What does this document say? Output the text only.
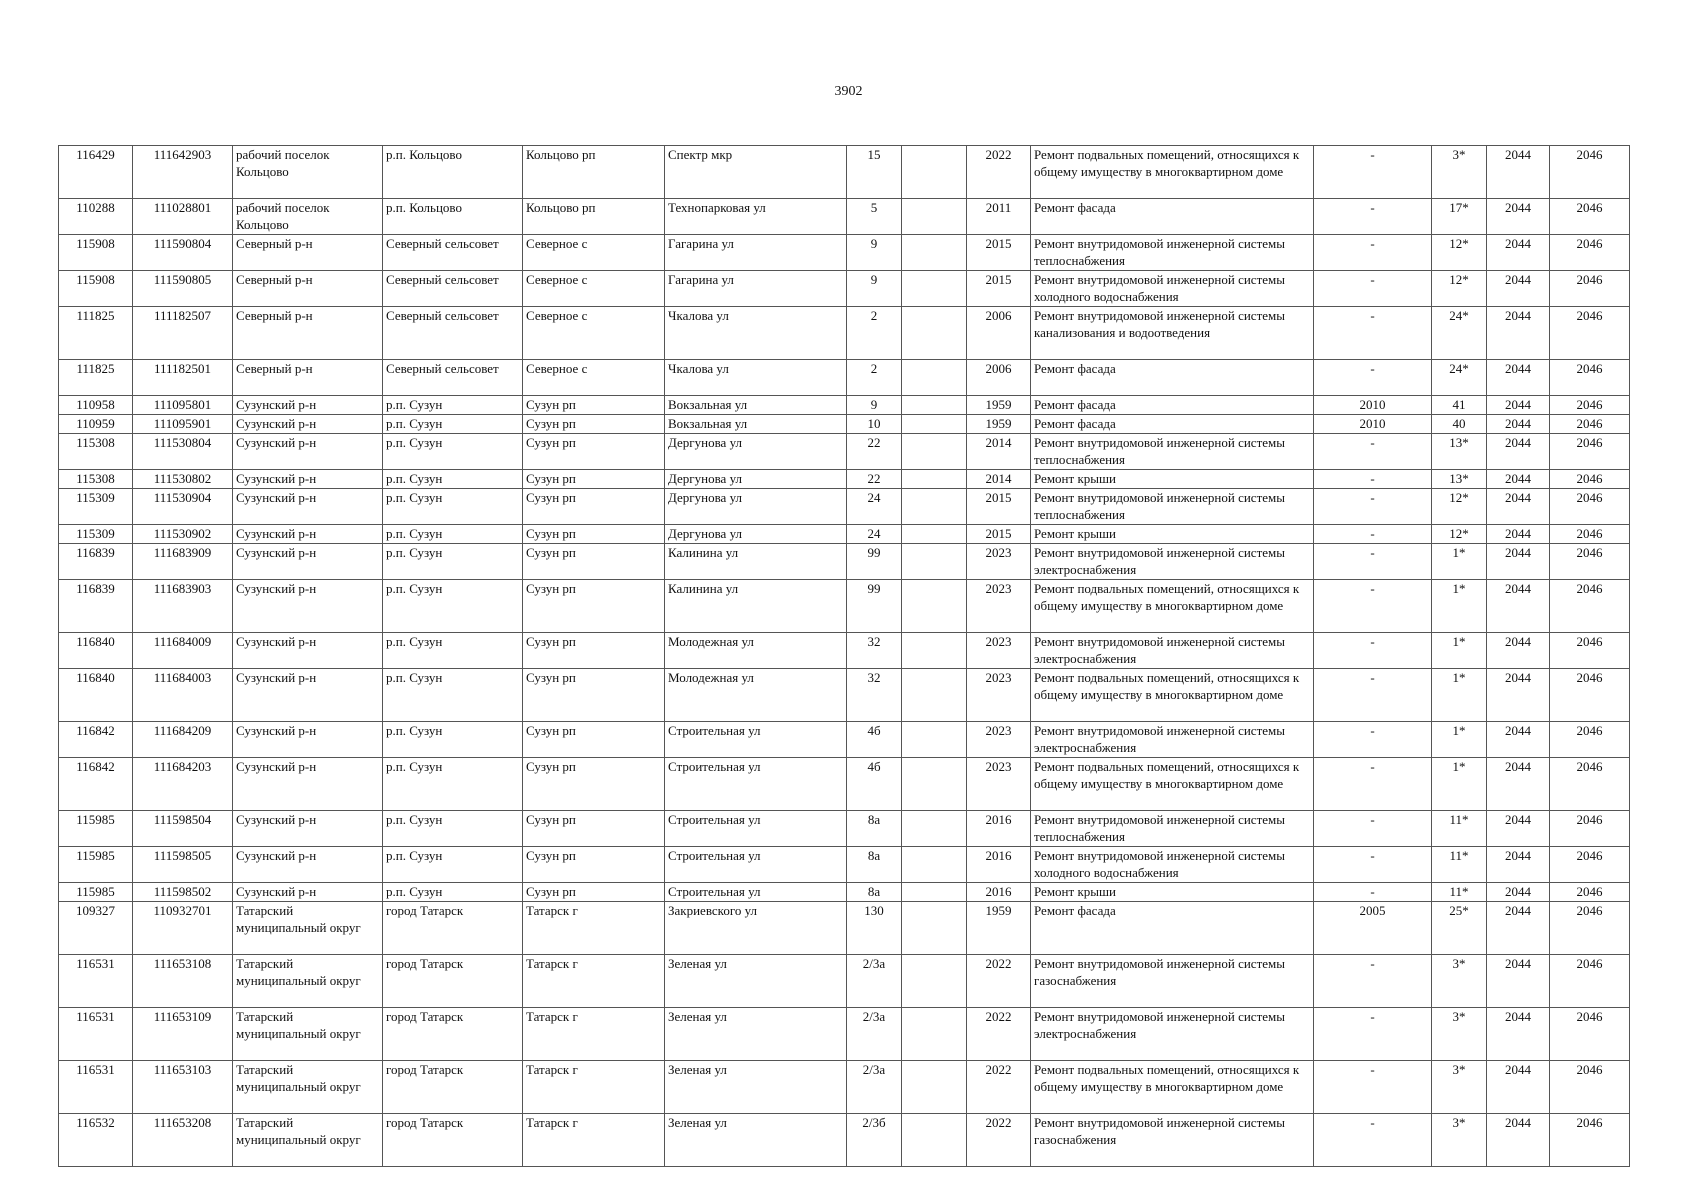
3902
116429	111642903	рабочий поселок Кольцово	р.п. Кольцово	Кольцово рп	Спектр мкр	15		2022	Ремонт подвальных помещений, относящихся к общему имуществу в многоквартирном доме	-	3*	2044	2046
110288	111028801	рабочий поселок Кольцово	р.п. Кольцово	Кольцово рп	Технопарковая ул	5		2011	Ремонт фасада	-	17*	2044	2046
115908	111590804	Северный р-н	Северный сельсовет	Северное с	Гагарина ул	9		2015	Ремонт внутридомовой инженерной системы теплоснабжения	-	12*	2044	2046
115908	111590805	Северный р-н	Северный сельсовет	Северное с	Гагарина ул	9		2015	Ремонт внутридомовой инженерной системы холодного водоснабжения	-	12*	2044	2046
111825	111182507	Северный р-н	Северный сельсовет	Северное с	Чкалова ул	2		2006	Ремонт внутридомовой инженерной системы канализования и водоотведения	-	24*	2044	2046
111825	111182501	Северный р-н	Северный сельсовет	Северное с	Чкалова ул	2		2006	Ремонт фасада	-	24*	2044	2046
110958	111095801	Сузунский р-н	р.п. Сузун	Сузун рп	Вокзальная ул	9		1959	Ремонт фасада	2010	41	2044	2046
110959	111095901	Сузунский р-н	р.п. Сузун	Сузун рп	Вокзальная ул	10		1959	Ремонт фасада	2010	40	2044	2046
115308	111530804	Сузунский р-н	р.п. Сузун	Сузун рп	Дергунова ул	22		2014	Ремонт внутридомовой инженерной системы теплоснабжения	-	13*	2044	2046
115308	111530802	Сузунский р-н	р.п. Сузун	Сузун рп	Дергунова ул	22		2014	Ремонт крыши	-	13*	2044	2046
115309	111530904	Сузунский р-н	р.п. Сузун	Сузун рп	Дергунова ул	24		2015	Ремонт внутридомовой инженерной системы теплоснабжения	-	12*	2044	2046
115309	111530902	Сузунский р-н	р.п. Сузун	Сузун рп	Дергунова ул	24		2015	Ремонт крыши	-	12*	2044	2046
116839	111683909	Сузунский р-н	р.п. Сузун	Сузун рп	Калинина ул	99		2023	Ремонт внутридомовой инженерной системы электроснабжения	-	1*	2044	2046
116839	111683903	Сузунский р-н	р.п. Сузун	Сузун рп	Калинина ул	99		2023	Ремонт подвальных помещений, относящихся к общему имуществу в многоквартирном доме	-	1*	2044	2046
116840	111684009	Сузунский р-н	р.п. Сузун	Сузун рп	Молодежная ул	32		2023	Ремонт внутридомовой инженерной системы электроснабжения	-	1*	2044	2046
116840	111684003	Сузунский р-н	р.п. Сузун	Сузун рп	Молодежная ул	32		2023	Ремонт подвальных помещений, относящихся к общему имуществу в многоквартирном доме	-	1*	2044	2046
116842	111684209	Сузунский р-н	р.п. Сузун	Сузун рп	Строительная ул	4б		2023	Ремонт внутридомовой инженерной системы электроснабжения	-	1*	2044	2046
116842	111684203	Сузунский р-н	р.п. Сузун	Сузун рп	Строительная ул	4б		2023	Ремонт подвальных помещений, относящихся к общему имуществу в многоквартирном доме	-	1*	2044	2046
115985	111598504	Сузунский р-н	р.п. Сузун	Сузун рп	Строительная ул	8а		2016	Ремонт внутридомовой инженерной системы теплоснабжения	-	11*	2044	2046
115985	111598505	Сузунский р-н	р.п. Сузун	Сузун рп	Строительная ул	8а		2016	Ремонт внутридомовой инженерной системы холодного водоснабжения	-	11*	2044	2046
115985	111598502	Сузунский р-н	р.п. Сузун	Сузун рп	Строительная ул	8а		2016	Ремонт крыши	-	11*	2044	2046
109327	110932701	Татарский муниципальный округ	город Татарск	Татарск г	Закриевского ул	130		1959	Ремонт фасада	2005	25*	2044	2046
116531	111653108	Татарский муниципальный округ	город Татарск	Татарск г	Зеленая ул	2/3а		2022	Ремонт внутридомовой инженерной системы газоснабжения	-	3*	2044	2046
116531	111653109	Татарский муниципальный округ	город Татарск	Татарск г	Зеленая ул	2/3а		2022	Ремонт внутридомовой инженерной системы электроснабжения	-	3*	2044	2046
116531	111653103	Татарский муниципальный округ	город Татарск	Татарск г	Зеленая ул	2/3а		2022	Ремонт подвальных помещений, относящихся к общему имуществу в многоквартирном доме	-	3*	2044	2046
116532	111653208	Татарский муниципальный округ	город Татарск	Татарск г	Зеленая ул	2/3б		2022	Ремонт внутридомовой инженерной системы газоснабжения	-	3*	2044	2046
